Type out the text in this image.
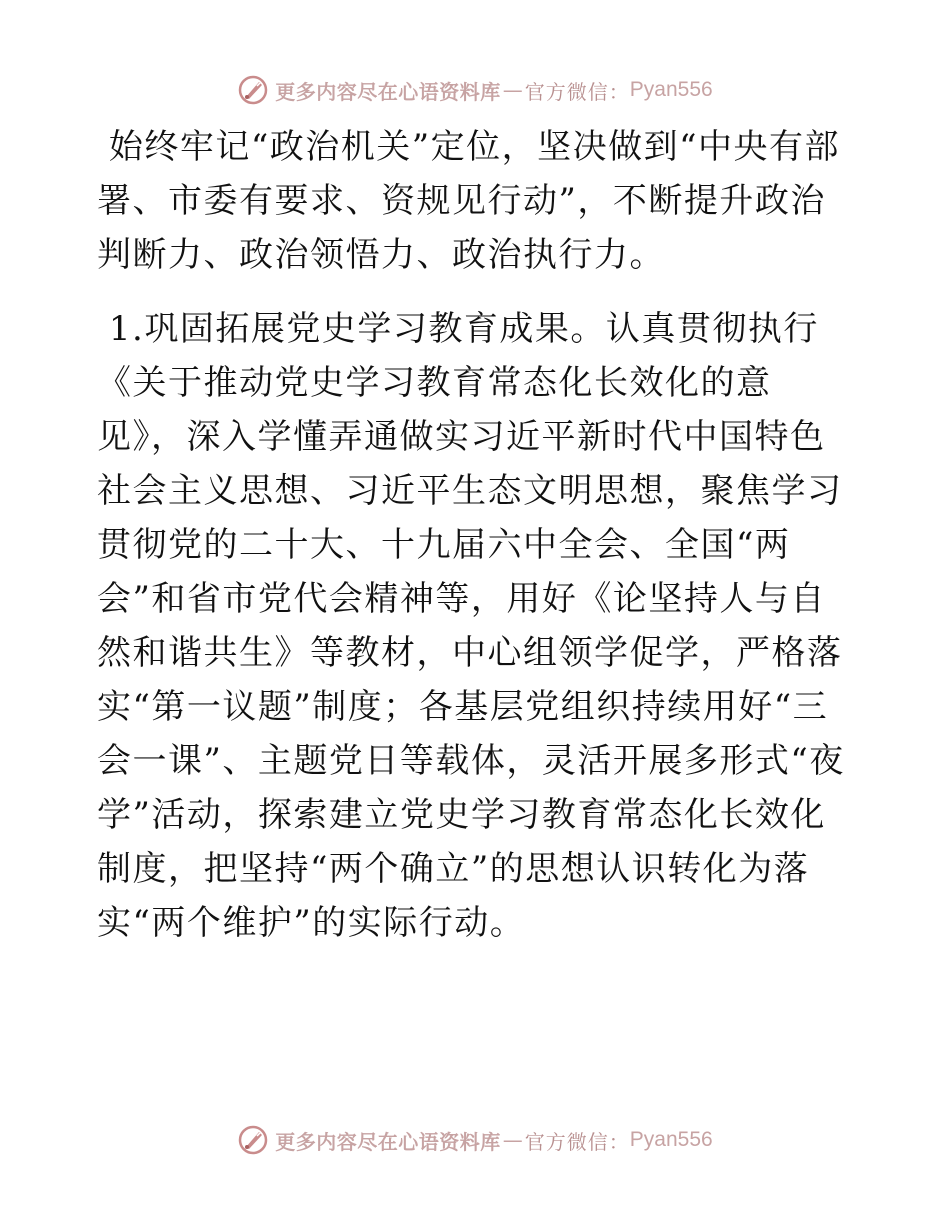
更多内容尽在心语资料库 — 官方微信： Pyan556

始终牢记“政治机关”定位，坚决做到“中央有部署、市委有要求、资规见行动”，不断提升政治判断力、政治领悟力、政治执行力。

1.巩固拓展党史学习教育成果。认真贯彻执行《关于推动党史学习教育常态化长效化的意见》，深入学懂弄通做实习近平新时代中国特色社会主义思想、习近平生态文明思想，聚焦学习贯彻党的二十大、十九届六中全会、全国“两会”和省市党代会精神等，用好《论坚持人与自然和谐共生》等教材，中心组领学促学，严格落实“第一议题”制度；各基层党组织持续用好“三会一课”、主题党日等载体，灵活开展多形式“夜学”活动，探索建立党史学习教育常态化长效化制度，把坚持“两个确立”的思想认识转化为落实“两个维护”的实际行动。

更多内容尽在心语资料库 — 官方微信： Pyan556
